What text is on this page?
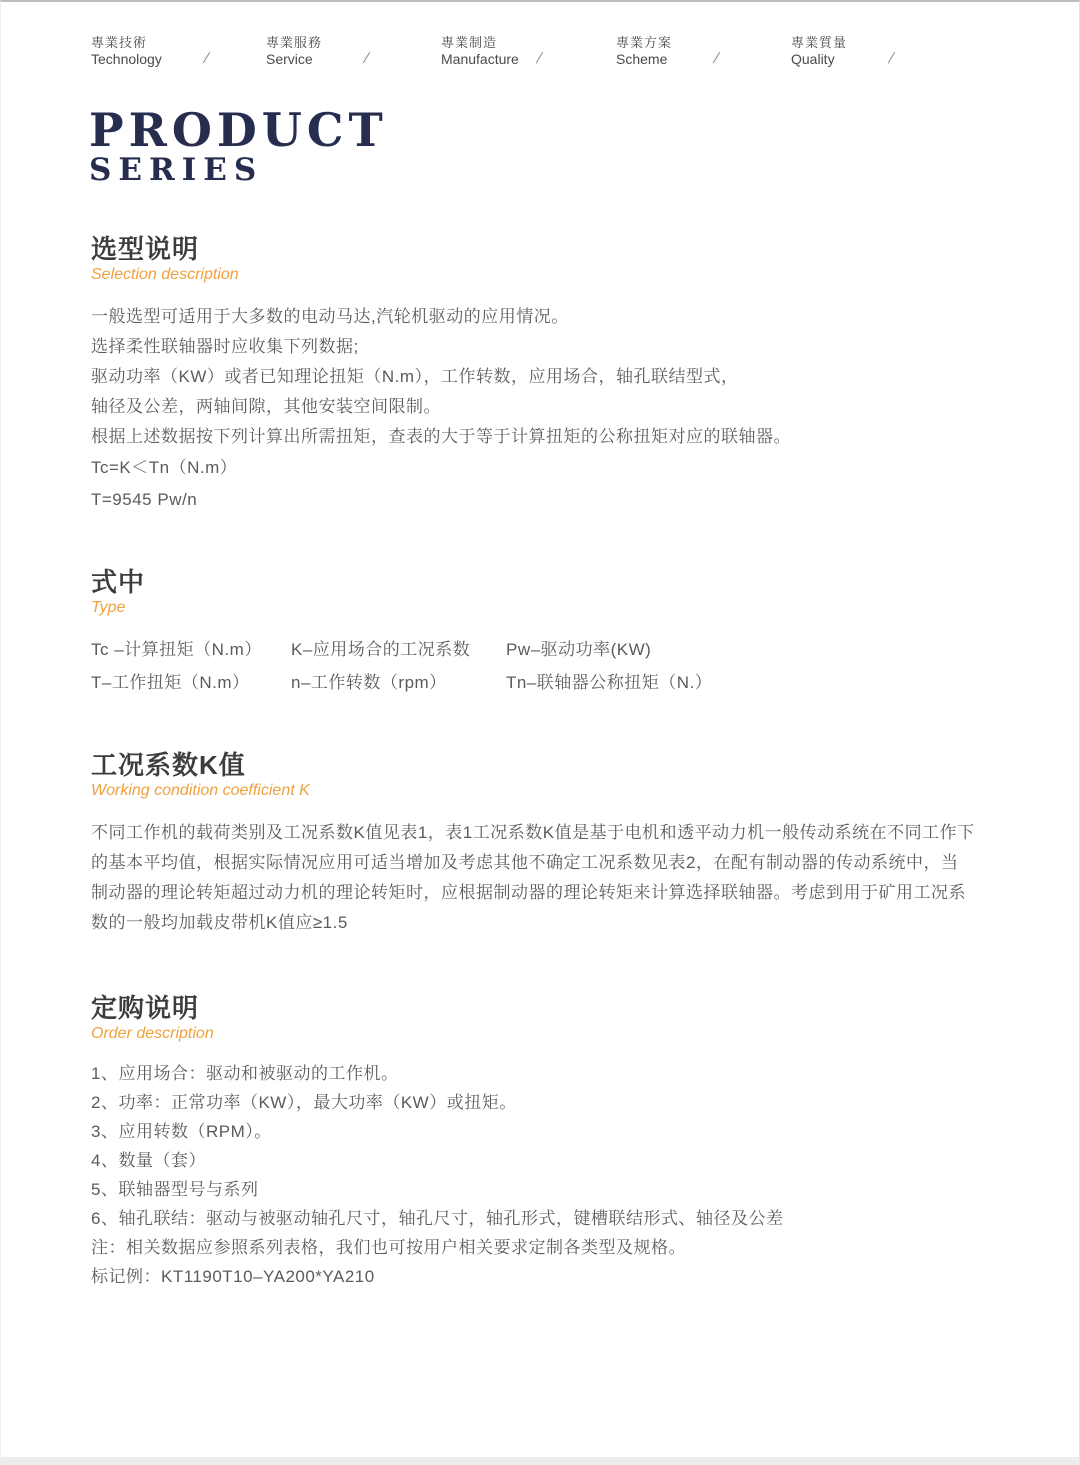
專業技術
Technology	/
專業服務
Service	/
專業制造
Manufacture /
專業方案
Scheme	/
專業質量
Quality	/
PRODUCT
SERIES
选型说明
Selection description
一般选型可适用于大多数的电动马达,汽轮机驱动的应用情况。
选择柔性联轴器时应收集下列数据;
驱动功率（KW）或者已知理论扭矩（N.m），工作转数，应用场合，轴孔联结型式，
轴径及公差，两轴间隙，其他安装空间限制。
根据上述数据按下列计算出所需扭矩，查表的大于等于计算扭矩的公称扭矩对应的联轴器。
Tc=K＜Tn（N.m）
T=9545 Pw/n
式中
Type
Tc –计算扭矩（N.m）	K–应用场合的工况系数	Pw–驱动功率(KW)
T–工作扭矩（N.m）	n–工作转数（rpm）	Tn–联轴器公称扭矩（N.）
工况系数K值
Working condition coefficient K
不同工作机的载荷类别及工况系数K值见表1，表1工况系数K值是基于电机和透平动力机一般传动系统在不同工作下
的基本平均值，根据实际情况应用可适当增加及考虑其他不确定工况系数见表2，在配有制动器的传动系统中，当
制动器的理论转矩超过动力机的理论转矩时，应根据制动器的理论转矩来计算选择联轴器。考虑到用于矿用工况系
数的一般均加载皮带机K值应≥1.5
定购说明
Order description
1、应用场合：驱动和被驱动的工作机。
2、功率：正常功率（KW），最大功率（KW）或扭矩。
3、应用转数（RPM）。
4、数量（套）
5、联轴器型号与系列
6、轴孔联结：驱动与被驱动轴孔尺寸，轴孔尺寸，轴孔形式，键槽联结形式、轴径及公差
注：相关数据应参照系列表格，我们也可按用户相关要求定制各类型及规格。
标记例：KT1190T10–YA200*YA210
